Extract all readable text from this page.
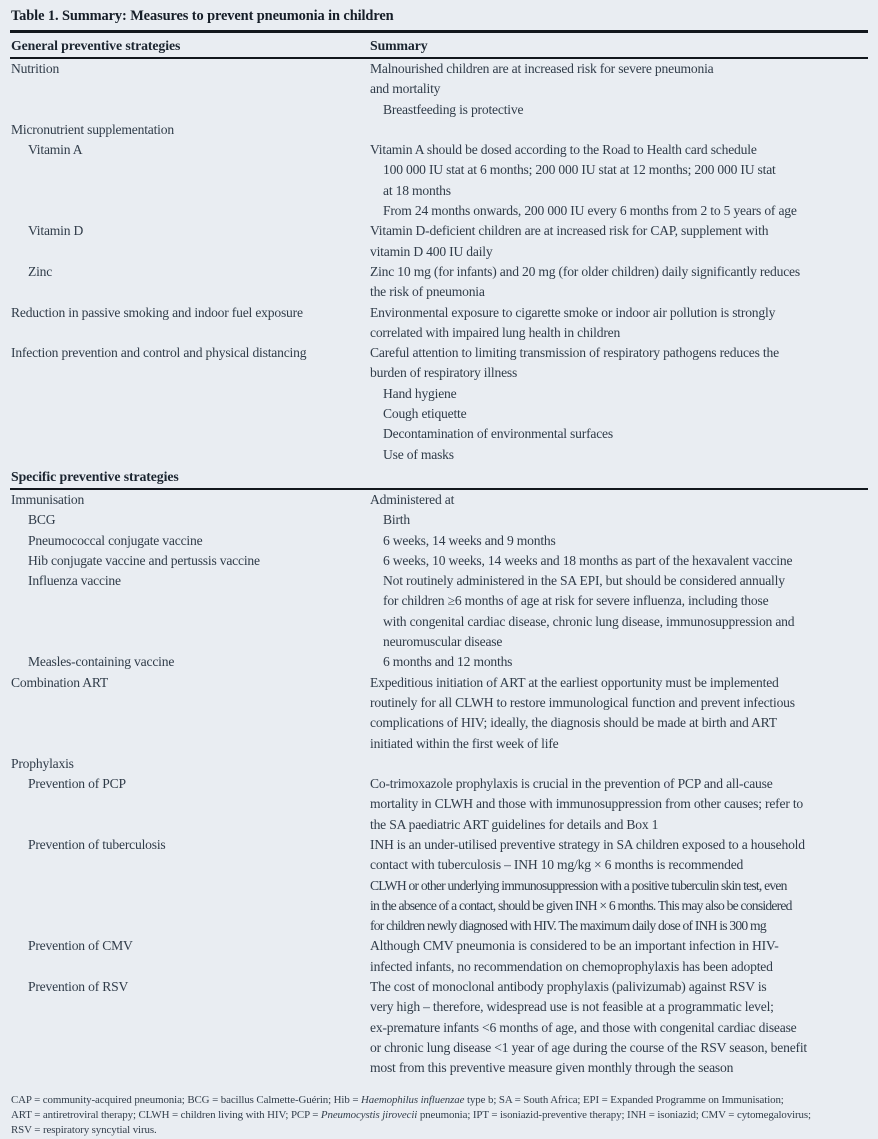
Table 1. Summary: Measures to prevent pneumonia in children
General preventive strategies	Summary
Nutrition	Malnourished children are at increased risk for severe pneumonia
and mortality
Breastfeeding is protective
Micronutrient supplementation
Vitamin A	Vitamin A should be dosed according to the Road to Health card schedule
100 000 IU stat at 6 months; 200 000 IU stat at 12 months; 200 000 IU stat
at 18 months
From 24 months onwards, 200 000 IU every 6 months from 2 to 5 years of age
Vitamin D	Vitamin D-deficient children are at increased risk for CAP, supplement with
vitamin D 400 IU daily
Zinc	Zinc 10 mg (for infants) and 20 mg (for older children) daily significantly reduces
the risk of pneumonia
Reduction in passive smoking and indoor fuel exposure	Environmental exposure to cigarette smoke or indoor air pollution is strongly
correlated with impaired lung health in children
Infection prevention and control and physical distancing	Careful attention to limiting transmission of respiratory pathogens reduces the
burden of respiratory illness
Hand hygiene
Cough etiquette
Decontamination of environmental surfaces
Use of masks
Specific preventive strategies
Immunisation	Administered at
BCG	Birth
Pneumococcal conjugate vaccine	6 weeks, 14 weeks and 9 months
Hib conjugate vaccine and pertussis vaccine	6 weeks, 10 weeks, 14 weeks and 18 months as part of the hexavalent vaccine
Influenza vaccine	Not routinely administered in the SA EPI, but should be considered annually
for children ≥6 months of age at risk for severe influenza, including those
with congenital cardiac disease, chronic lung disease, immunosuppression and
neuromuscular disease
Measles-containing vaccine	6 months and 12 months
Combination ART	Expeditious initiation of ART at the earliest opportunity must be implemented
routinely for all CLWH to restore immunological function and prevent infectious
complications of HIV; ideally, the diagnosis should be made at birth and ART
initiated within the first week of life
Prophylaxis
Prevention of PCP	Co-trimoxazole prophylaxis is crucial in the prevention of PCP and all-cause
mortality in CLWH and those with immunosuppression from other causes; refer to
the SA paediatric ART guidelines for details and Box 1
Prevention of tuberculosis	INH is an under-utilised preventive strategy in SA children exposed to a household
contact with tuberculosis – INH 10 mg/kg × 6 months is recommended
CLWH or other underlying immunosuppression with a positive tuberculin skin test, even
in the absence of a contact, should be given INH × 6 months. This may also be considered
for children newly diagnosed with HIV. The maximum daily dose of INH is 300 mg
Prevention of CMV	Although CMV pneumonia is considered to be an important infection in HIV-
infected infants, no recommendation on chemoprophylaxis has been adopted
Prevention of RSV	The cost of monoclonal antibody prophylaxis (palivizumab) against RSV is
very high – therefore, widespread use is not feasible at a programmatic level;
ex-premature infants <6 months of age, and those with congenital cardiac disease
or chronic lung disease <1 year of age during the course of the RSV season, benefit
most from this preventive measure given monthly through the season
CAP = community-acquired pneumonia; BCG = bacillus Calmette-Guérin; Hib = Haemophilus influenzae type b; SA = South Africa; EPI = Expanded Programme on Immunisation;
ART = antiretroviral therapy; CLWH = children living with HIV; PCP = Pneumocystis jirovecii pneumonia; IPT = isoniazid-preventive therapy; INH = isoniazid; CMV = cytomegalovirus;
RSV = respiratory syncytial virus.
